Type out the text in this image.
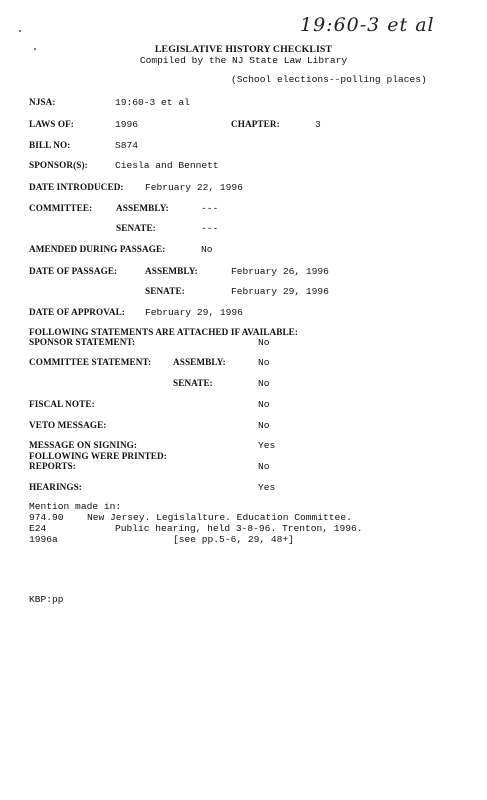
19:60-3 et al
LEGISLATIVE HISTORY CHECKLIST
Compiled by the NJ State Law Library
(School elections--polling places)
NJSA:	19:60-3 et al
LAWS OF:	1996	CHAPTER:	3
BILL NO:	S874
SPONSOR(S):	Ciesla and Bennett
DATE INTRODUCED: February 22, 1996
COMMITTEE:	ASSEMBLY:	---
SENATE:	---
AMENDED DURING PASSAGE:	No
DATE OF PASSAGE:	ASSEMBLY:	February 26, 1996
SENATE:	February 29, 1996
DATE OF APPROVAL: February 29, 1996
FOLLOWING STATEMENTS ARE ATTACHED IF AVAILABLE:
SPONSOR STATEMENT:	No
COMMITTEE STATEMENT: ASSEMBLY:	No
SENATE:	No
FISCAL NOTE:	No
VETO MESSAGE:	No
MESSAGE ON SIGNING:	Yes
FOLLOWING WERE PRINTED:
REPORTS:	No
HEARINGS:	Yes
Mention made in:
974.90 New Jersey. Legislalture. Education Committee.
E24	Public hearing, held 3-8-96. Trenton, 1996.
1996a	[see pp.5-6, 29, 48+]
KBP:pp
